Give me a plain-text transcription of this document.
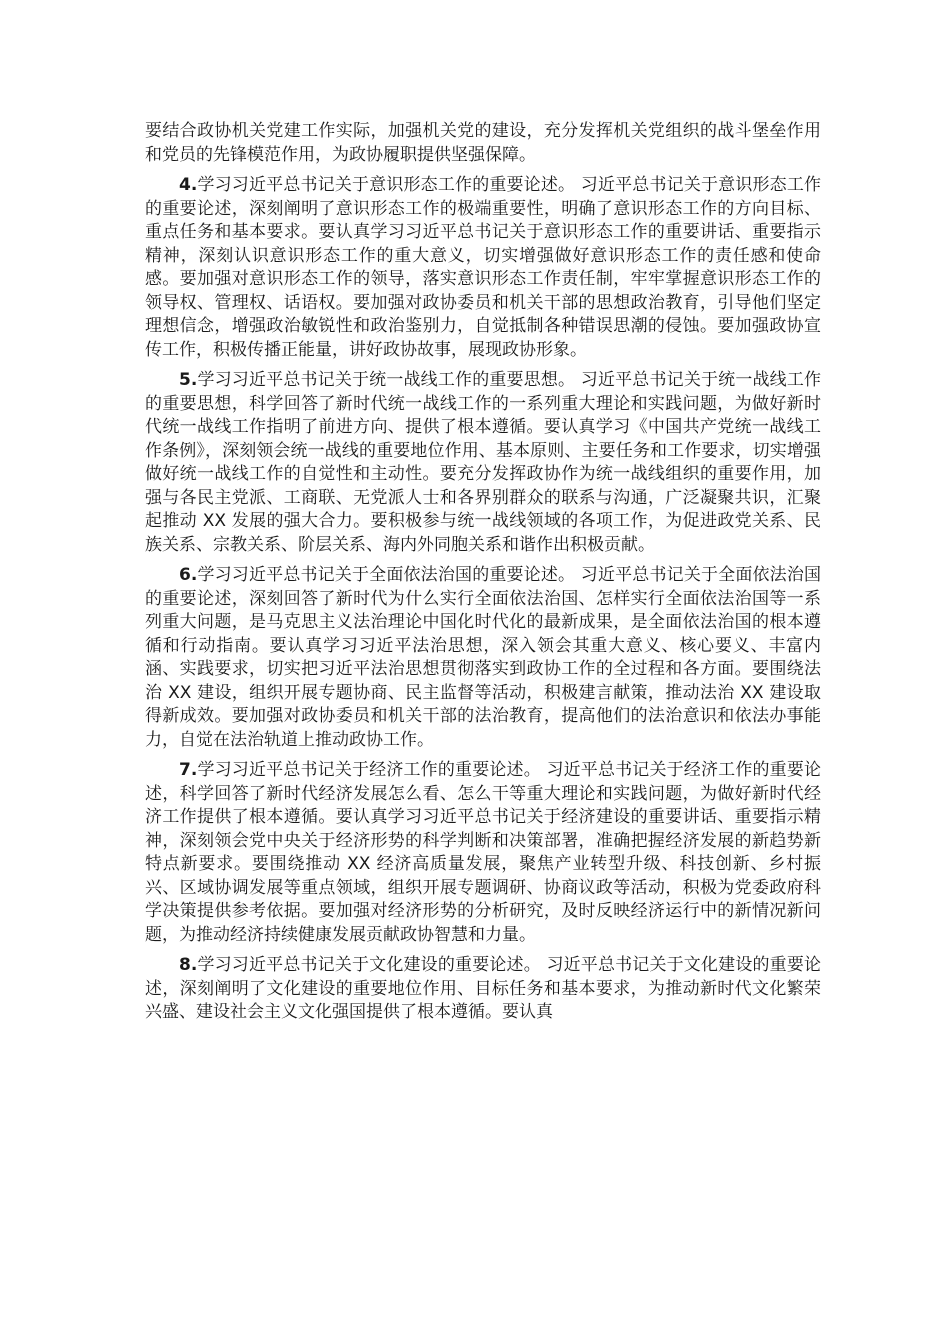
要结合政协机关党建工作实际，加强机关党的建设，充分发挥机关党组织的战斗堡垒作用和党员的先锋模范作用，为政协履职提供坚强保障。

4.学习习近平总书记关于意识形态工作的重要论述。 习近平总书记关于意识形态工作的重要论述，深刻阐明了意识形态工作的极端重要性，明确了意识形态工作的方向目标、重点任务和基本要求。要认真学习习近平总书记关于意识形态工作的重要讲话、重要指示精神，深刻认识意识形态工作的重大意义，切实增强做好意识形态工作的责任感和使命感。要加强对意识形态工作的领导，落实意识形态工作责任制，牢牢掌握意识形态工作的领导权、管理权、话语权。要加强对政协委员和机关干部的思想政治教育，引导他们坚定理想信念，增强政治敏锐性和政治鉴别力，自觉抵制各种错误思潮的侵蚀。要加强政协宣传工作，积极传播正能量，讲好政协故事，展现政协形象。

5.学习习近平总书记关于统一战线工作的重要思想。 习近平总书记关于统一战线工作的重要思想，科学回答了新时代统一战线工作的一系列重大理论和实践问题，为做好新时代统一战线工作指明了前进方向、提供了根本遵循。要认真学习《中国共产党统一战线工作条例》，深刻领会统一战线的重要地位作用、基本原则、主要任务和工作要求，切实增强做好统一战线工作的自觉性和主动性。要充分发挥政协作为统一战线组织的重要作用，加强与各民主党派、工商联、无党派人士和各界别群众的联系与沟通，广泛凝聚共识，汇聚起推动 XX 发展的强大合力。要积极参与统一战线领域的各项工作，为促进政党关系、民族关系、宗教关系、阶层关系、海内外同胞关系和谐作出积极贡献。

6.学习习近平总书记关于全面依法治国的重要论述。 习近平总书记关于全面依法治国的重要论述，深刻回答了新时代为什么实行全面依法治国、怎样实行全面依法治国等一系列重大问题，是马克思主义法治理论中国化时代化的最新成果，是全面依法治国的根本遵循和行动指南。要认真学习习近平法治思想，深入领会其重大意义、核心要义、丰富内涵、实践要求，切实把习近平法治思想贯彻落实到政协工作的全过程和各方面。要围绕法治 XX 建设，组织开展专题协商、民主监督等活动，积极建言献策，推动法治 XX 建设取得新成效。要加强对政协委员和机关干部的法治教育，提高他们的法治意识和依法办事能力，自觉在法治轨道上推动政协工作。

7.学习习近平总书记关于经济工作的重要论述。 习近平总书记关于经济工作的重要论述，科学回答了新时代经济发展怎么看、怎么干等重大理论和实践问题，为做好新时代经济工作提供了根本遵循。要认真学习习近平总书记关于经济建设的重要讲话、重要指示精神，深刻领会党中央关于经济形势的科学判断和决策部署，准确把握经济发展的新趋势新特点新要求。要围绕推动 XX 经济高质量发展，聚焦产业转型升级、科技创新、乡村振兴、区域协调发展等重点领域，组织开展专题调研、协商议政等活动，积极为党委政府科学决策提供参考依据。要加强对经济形势的分析研究，及时反映经济运行中的新情况新问题，为推动经济持续健康发展贡献政协智慧和力量。

8.学习习近平总书记关于文化建设的重要论述。 习近平总书记关于文化建设的重要论述，深刻阐明了文化建设的重要地位作用、目标任务和基本要求，为推动新时代文化繁荣兴盛、建设社会主义文化强国提供了根本遵循。要认真
